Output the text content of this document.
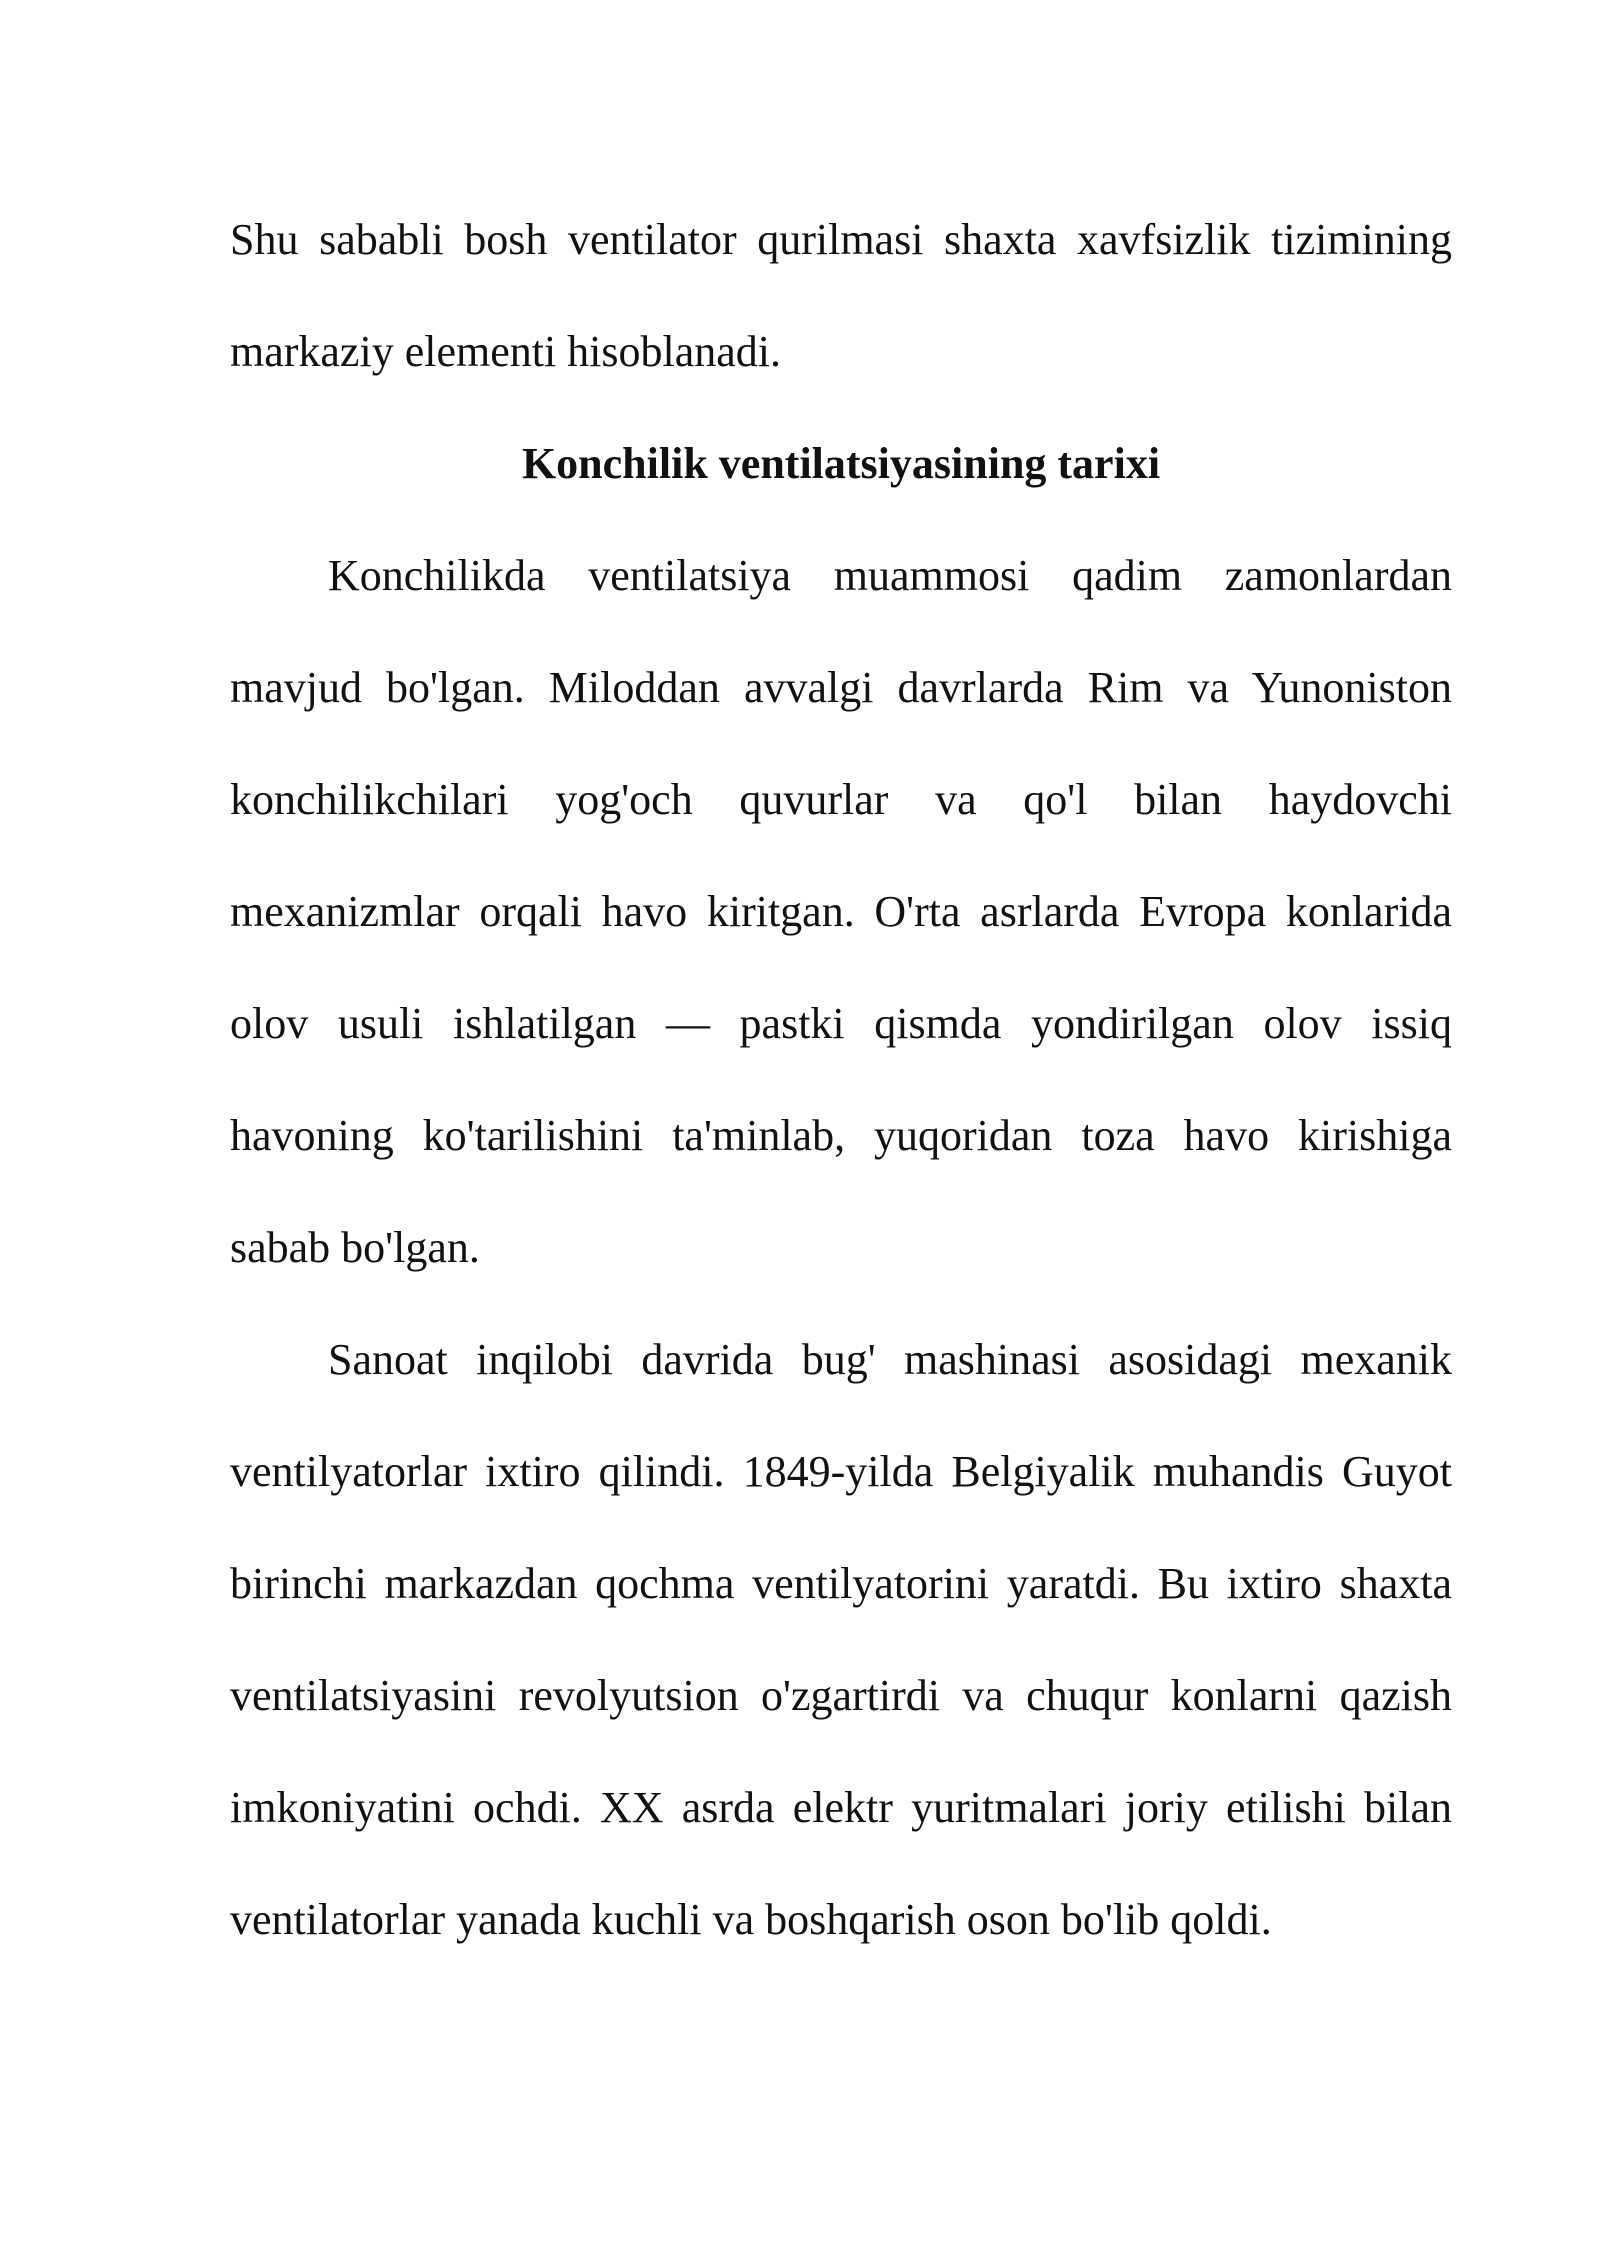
Shu sababli bosh ventilator qurilmasi shaxta xavfsizlik tizimining markaziy elementi hisoblanadi.

Konchilik ventilatsiyasining tarixi

Konchilikda ventilatsiya muammosi qadim zamonlardan mavjud bo'lgan. Miloddan avvalgi davrlarda Rim va Yunoniston konchilikchilari yog'och quvurlar va qo'l bilan haydovchi mexanizmlar orqali havo kiritgan. O'rta asrlarda Evropa konlarida olov usuli ishlatilgan — pastki qismda yondirilgan olov issiq havoning ko'tarilishini ta'minlab, yuqoridan toza havo kirishiga sabab bo'lgan.

Sanoat inqilobi davrida bug' mashinasi asosidagi mexanik ventilyatorlar ixtiro qilindi. 1849-yilda Belgiyalik muhandis Guyot birinchi markazdan qochma ventilyatorini yaratdi. Bu ixtiro shaxta ventilatsiyasini revolyutsion o'zgartirdi va chuqur konlarni qazish imkoniyatini ochdi. XX asrda elektr yuritmalari joriy etilishi bilan ventilatorlar yanada kuchli va boshqarish oson bo'lib qoldi.
